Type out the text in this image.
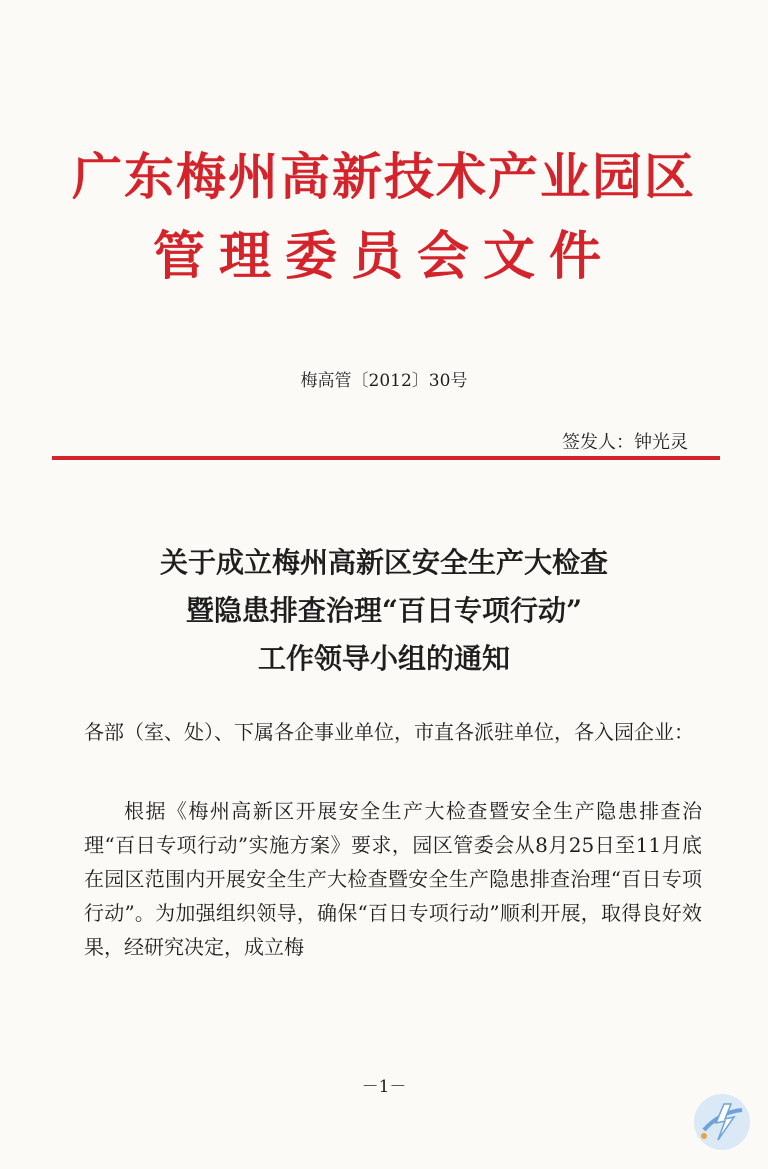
广东梅州高新技术产业园区
管理委员会文件
梅高管〔2012〕30号
签发人：钟光灵
关于成立梅州高新区安全生产大检查
暨隐患排查治理“百日专项行动”
工作领导小组的通知
各部（室、处）、下属各企事业单位，市直各派驻单位，各入园企业：
根据《梅州高新区开展安全生产大检查暨安全生产隐患排查治理“百日专项行动”实施方案》要求，园区管委会从8月25日至11月底在园区范围内开展安全生产大检查暨安全生产隐患排查治理“百日专项行动”。为加强组织领导，确保“百日专项行动”顺利开展，取得良好效果，经研究决定，成立梅
－1－
